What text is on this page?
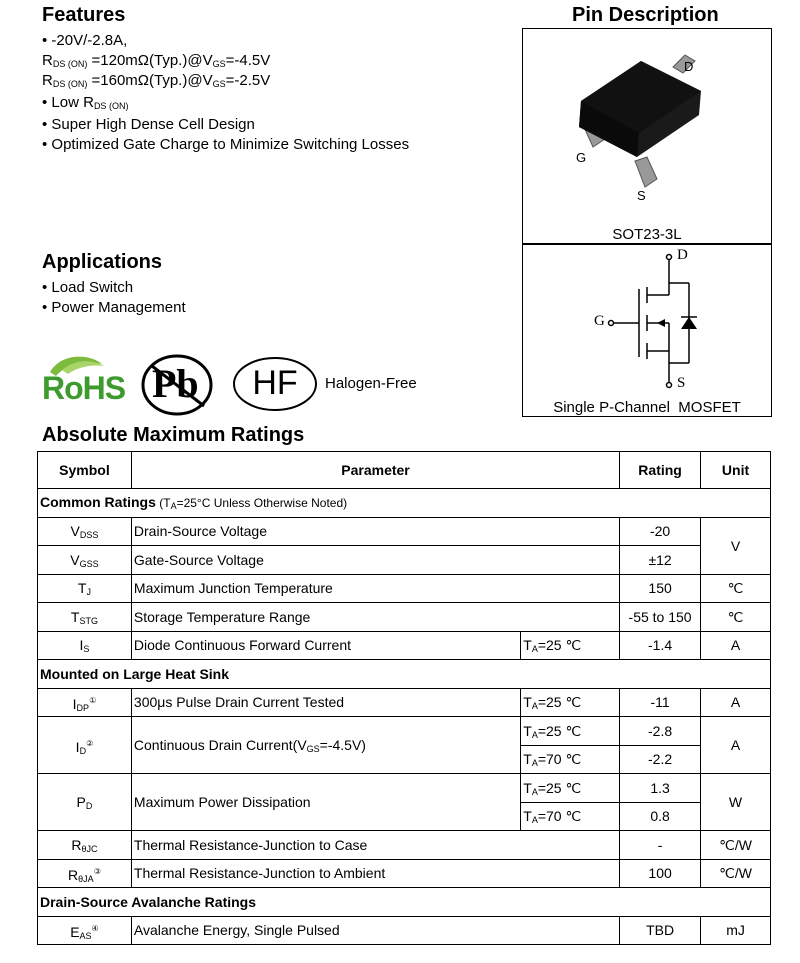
Features
• -20V/-2.8A,
$R_{DS (ON)}$ $=120m\Omega(Typ.)@V_{GS}=-4.5V$
$R_{DS (ON)}$ $=160m\Omega(Typ.)@V_{GS}=-2.5V$
• Low $R_{DS (ON)}$
• Super High Dense Cell Design
• Optimized Gate Charge to Minimize Switching Losses
Applications
• Load Switch
• Power Management
RoHS Pb	HF	Halogen-Free
Pin Description
D
G
S
SOT23-3L
D
G
S
Single P-Channel  MOSFET
Absolute Maximum Ratings
Symbol	Parameter		Rating	Unit
Common Ratings ($T_A=25^\circ C$ Unless Otherwise Noted)				
$V_{DSS}$	Drain-Source Voltage		-20	V
$V_{GSS}$	Gate-Source Voltage		±12	
$T_J$	Maximum Junction Temperature		150	℃
$T_{STG}$	Storage Temperature Range		-55 to 150	℃
$I_S$	Diode Continuous Forward Current	$T_A=25$ ℃	-1.4	A
Mounted on Large Heat Sink				
$I_{DP}^①$	300μs Pulse Drain Current Tested	$T_A=25$ ℃	-11	A
$I_D^②$	Continuous Drain $Current(V_{GS}=-4.5V)$	$T_A=25$ ℃	-2.8	A
		$T_A=70$ ℃	-2.2	
$P_D$	Maximum Power Dissipation	$T_A=25$ ℃	1.3	W
		$T_A=70$ ℃	0.8	
$R_{\theta JC}$	Thermal Resistance-Junction to Case		-	℃/W
$R_{\theta JA}^③$	Thermal Resistance-Junction to Ambient		100	℃/W
Drain-Source Avalanche Ratings				
$E_{AS}^④$	Avalanche Energy, Single Pulsed		TBD	mJ
